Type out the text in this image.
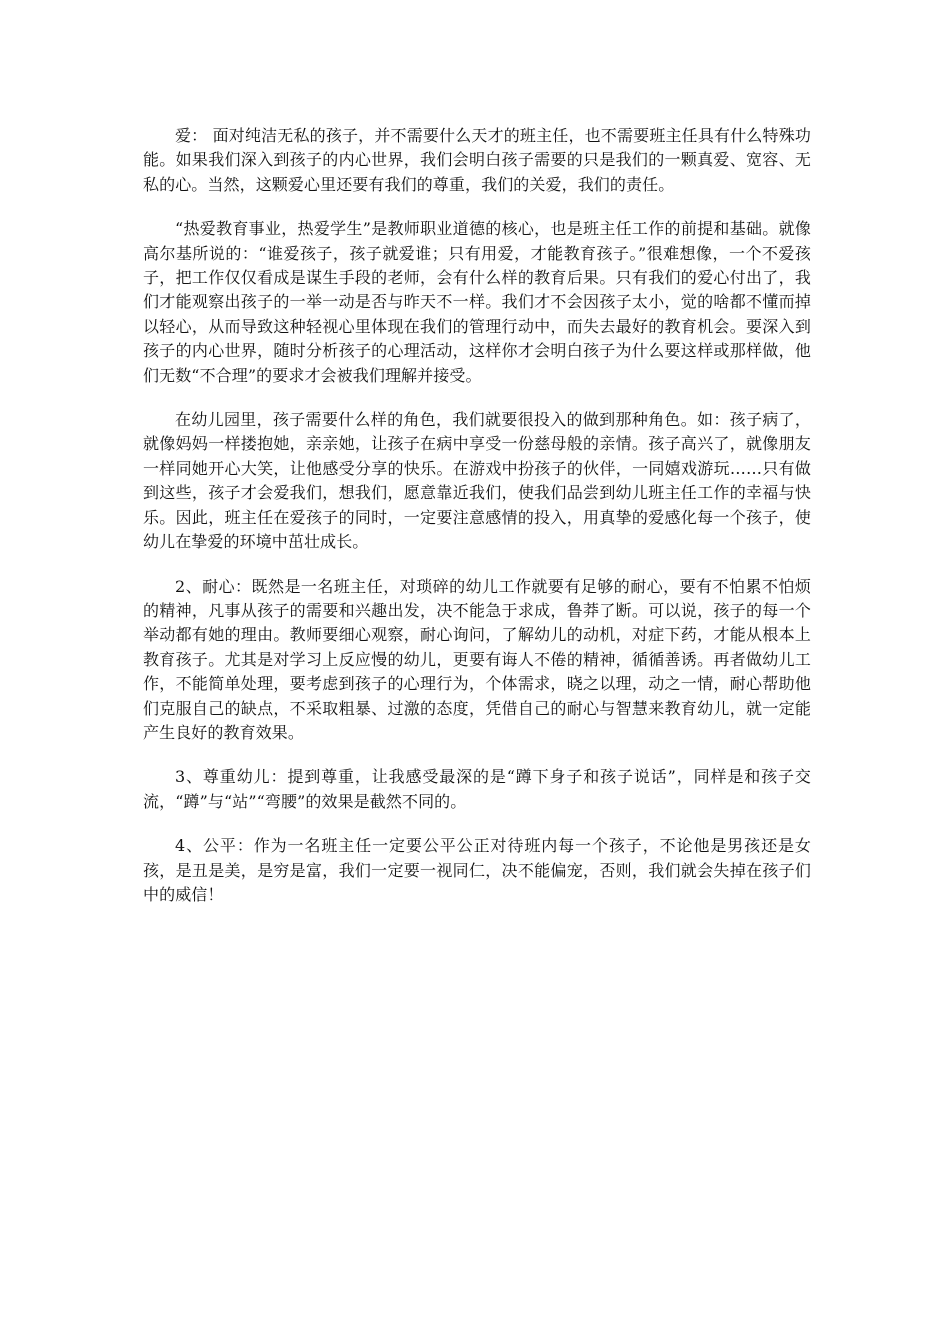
爱： 面对纯洁无私的孩子，并不需要什么天才的班主任，也不需要班主任具有什么特殊功能。如果我们深入到孩子的内心世界，我们会明白孩子需要的只是我们的一颗真爱、宽容、无私的心。当然，这颗爱心里还要有我们的尊重，我们的关爱，我们的责任。

“热爱教育事业，热爱学生”是教师职业道德的核心，也是班主任工作的前提和基础。就像高尔基所说的：“谁爱孩子，孩子就爱谁；只有用爱，才能教育孩子。”很难想像，一个不爱孩子，把工作仅仅看成是谋生手段的老师，会有什么样的教育后果。只有我们的爱心付出了，我们才能观察出孩子的一举一动是否与昨天不一样。我们才不会因孩子太小，觉的啥都不懂而掉以轻心，从而导致这种轻视心里体现在我们的管理行动中，而失去最好的教育机会。要深入到孩子的内心世界，随时分析孩子的心理活动，这样你才会明白孩子为什么要这样或那样做，他们无数“不合理”的要求才会被我们理解并接受。

在幼儿园里，孩子需要什么样的角色，我们就要很投入的做到那种角色。如：孩子病了，就像妈妈一样搂抱她，亲亲她，让孩子在病中享受一份慈母般的亲情。孩子高兴了，就像朋友一样同她开心大笑，让他感受分享的快乐。在游戏中扮孩子的伙伴，一同嬉戏游玩……只有做到这些，孩子才会爱我们，想我们，愿意靠近我们，使我们品尝到幼儿班主任工作的幸福与快乐。因此，班主任在爱孩子的同时，一定要注意感情的投入，用真挚的爱感化每一个孩子，使幼儿在挚爱的环境中茁壮成长。

2、耐心：既然是一名班主任，对琐碎的幼儿工作就要有足够的耐心，要有不怕累不怕烦的精神，凡事从孩子的需要和兴趣出发，决不能急于求成，鲁莽了断。可以说，孩子的每一个举动都有她的理由。教师要细心观察，耐心询问，了解幼儿的动机，对症下药，才能从根本上教育孩子。尤其是对学习上反应慢的幼儿，更要有诲人不倦的精神，循循善诱。再者做幼儿工作，不能简单处理，要考虑到孩子的心理行为，个体需求，晓之以理，动之一情，耐心帮助他们克服自己的缺点，不采取粗暴、过激的态度，凭借自己的耐心与智慧来教育幼儿，就一定能产生良好的教育效果。

3、尊重幼儿：提到尊重，让我感受最深的是“蹲下身子和孩子说话”，同样是和孩子交流，“蹲”与“站”“弯腰”的效果是截然不同的。

4、公平：作为一名班主任一定要公平公正对待班内每一个孩子，不论他是男孩还是女孩，是丑是美，是穷是富，我们一定要一视同仁，决不能偏宠，否则，我们就会失掉在孩子们中的威信！
